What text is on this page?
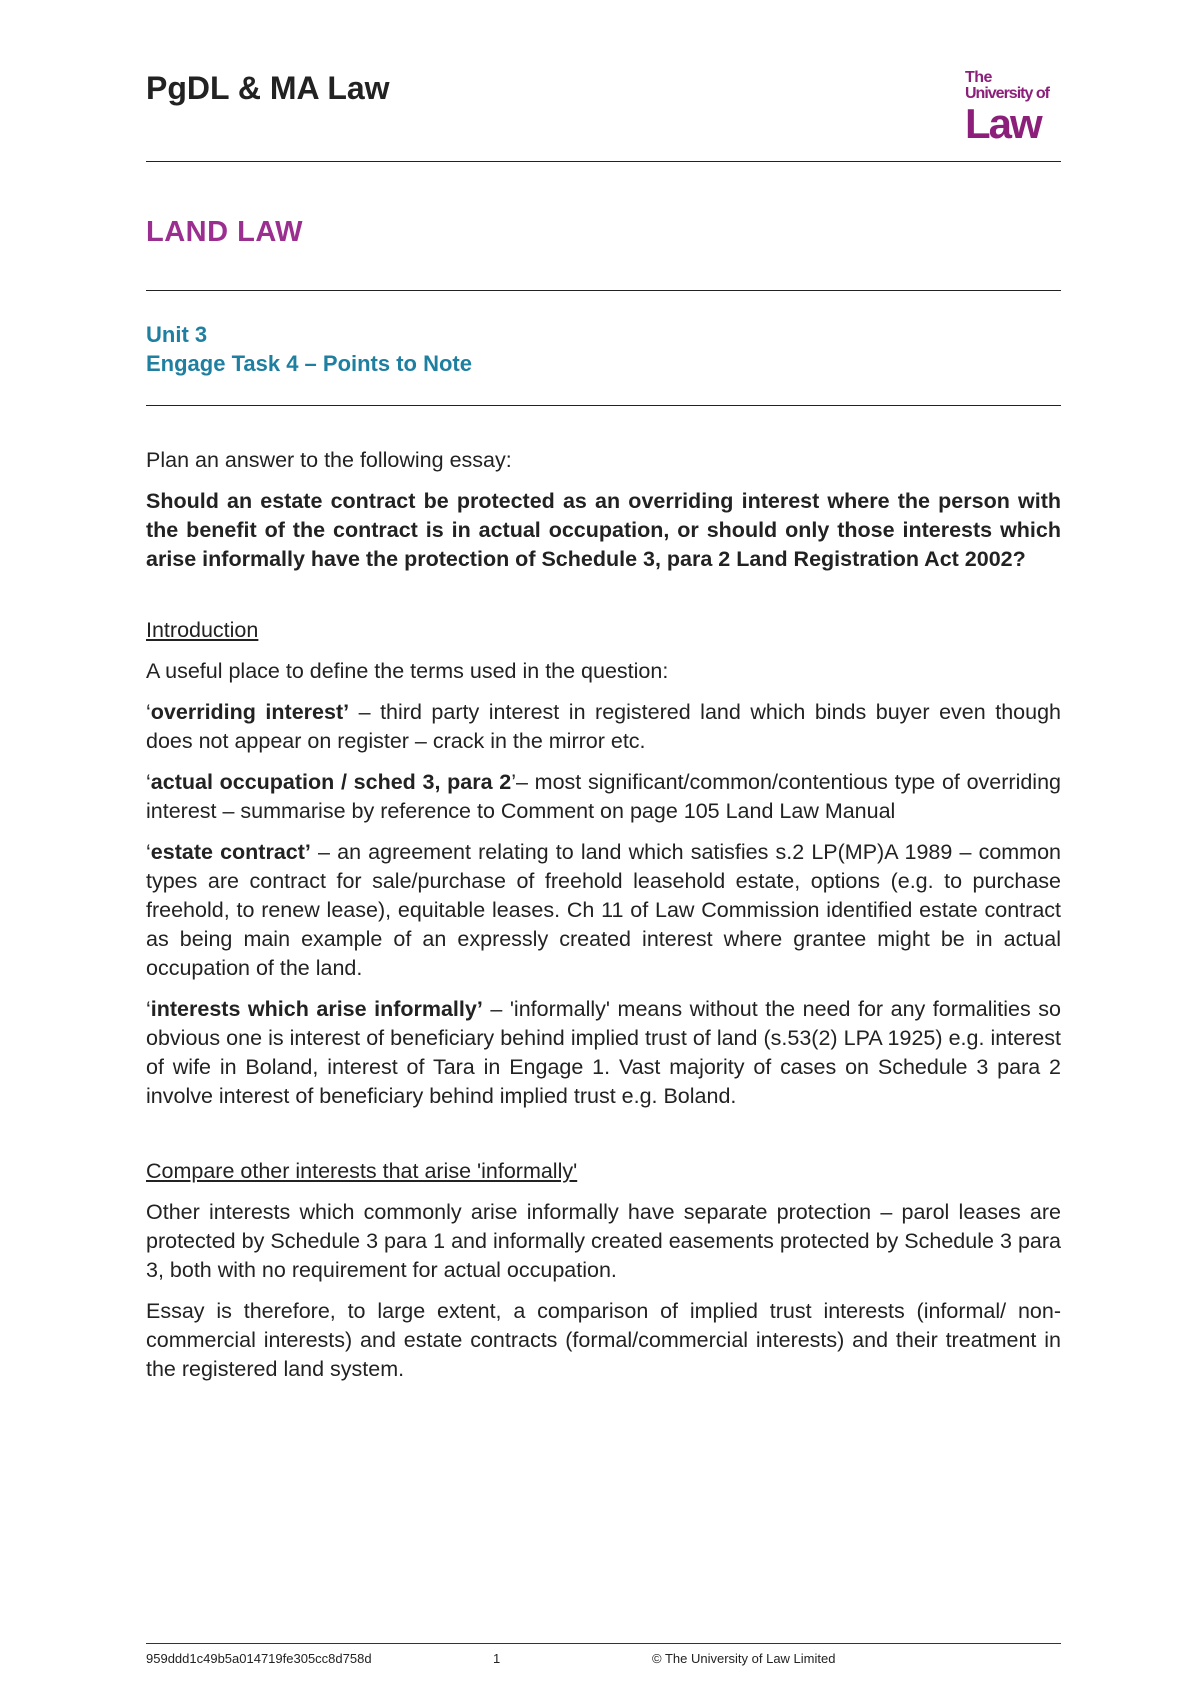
PgDL & MA Law	The
University of
Law
LAND LAW
Unit 3
Engage Task 4 – Points to Note

Plan an answer to the following essay:

Should an estate contract be protected as an overriding interest where the person with the benefit of the contract is in actual occupation, or should only those interests which arise informally have the protection of Schedule 3, para 2 Land Registration Act 2002?

Introduction

A useful place to define the terms used in the question:

‘overriding interest’ – third party interest in registered land which binds buyer even though does not appear on register – crack in the mirror etc.

‘actual occupation / sched 3, para 2’– most significant/common/contentious type of overriding interest – summarise by reference to Comment on page 105 Land Law Manual

‘estate contract’ – an agreement relating to land which satisfies s.2 LP(MP)A 1989 – common types are contract for sale/purchase of freehold leasehold estate, options (e.g. to purchase freehold, to renew lease), equitable leases. Ch 11 of Law Commission identified estate contract as being main example of an expressly created interest where grantee might be in actual occupation of the land.

‘interests which arise informally’ – 'informally' means without the need for any formalities so obvious one is interest of beneficiary behind implied trust of land (s.53(2) LPA 1925) e.g. interest of wife in Boland, interest of Tara in Engage 1. Vast majority of cases on Schedule 3 para 2 involve interest of beneficiary behind implied trust e.g. Boland.

Compare other interests that arise 'informally'

Other interests which commonly arise informally have separate protection – parol leases are protected by Schedule 3 para 1 and informally created easements protected by Schedule 3 para 3, both with no requirement for actual occupation.

Essay is therefore, to large extent, a comparison of implied trust interests (informal/ non-commercial interests) and estate contracts (formal/commercial interests) and their treatment in the registered land system.

959ddd1c49b5a014719fe305cc8d758d	1	© The University of Law Limited
